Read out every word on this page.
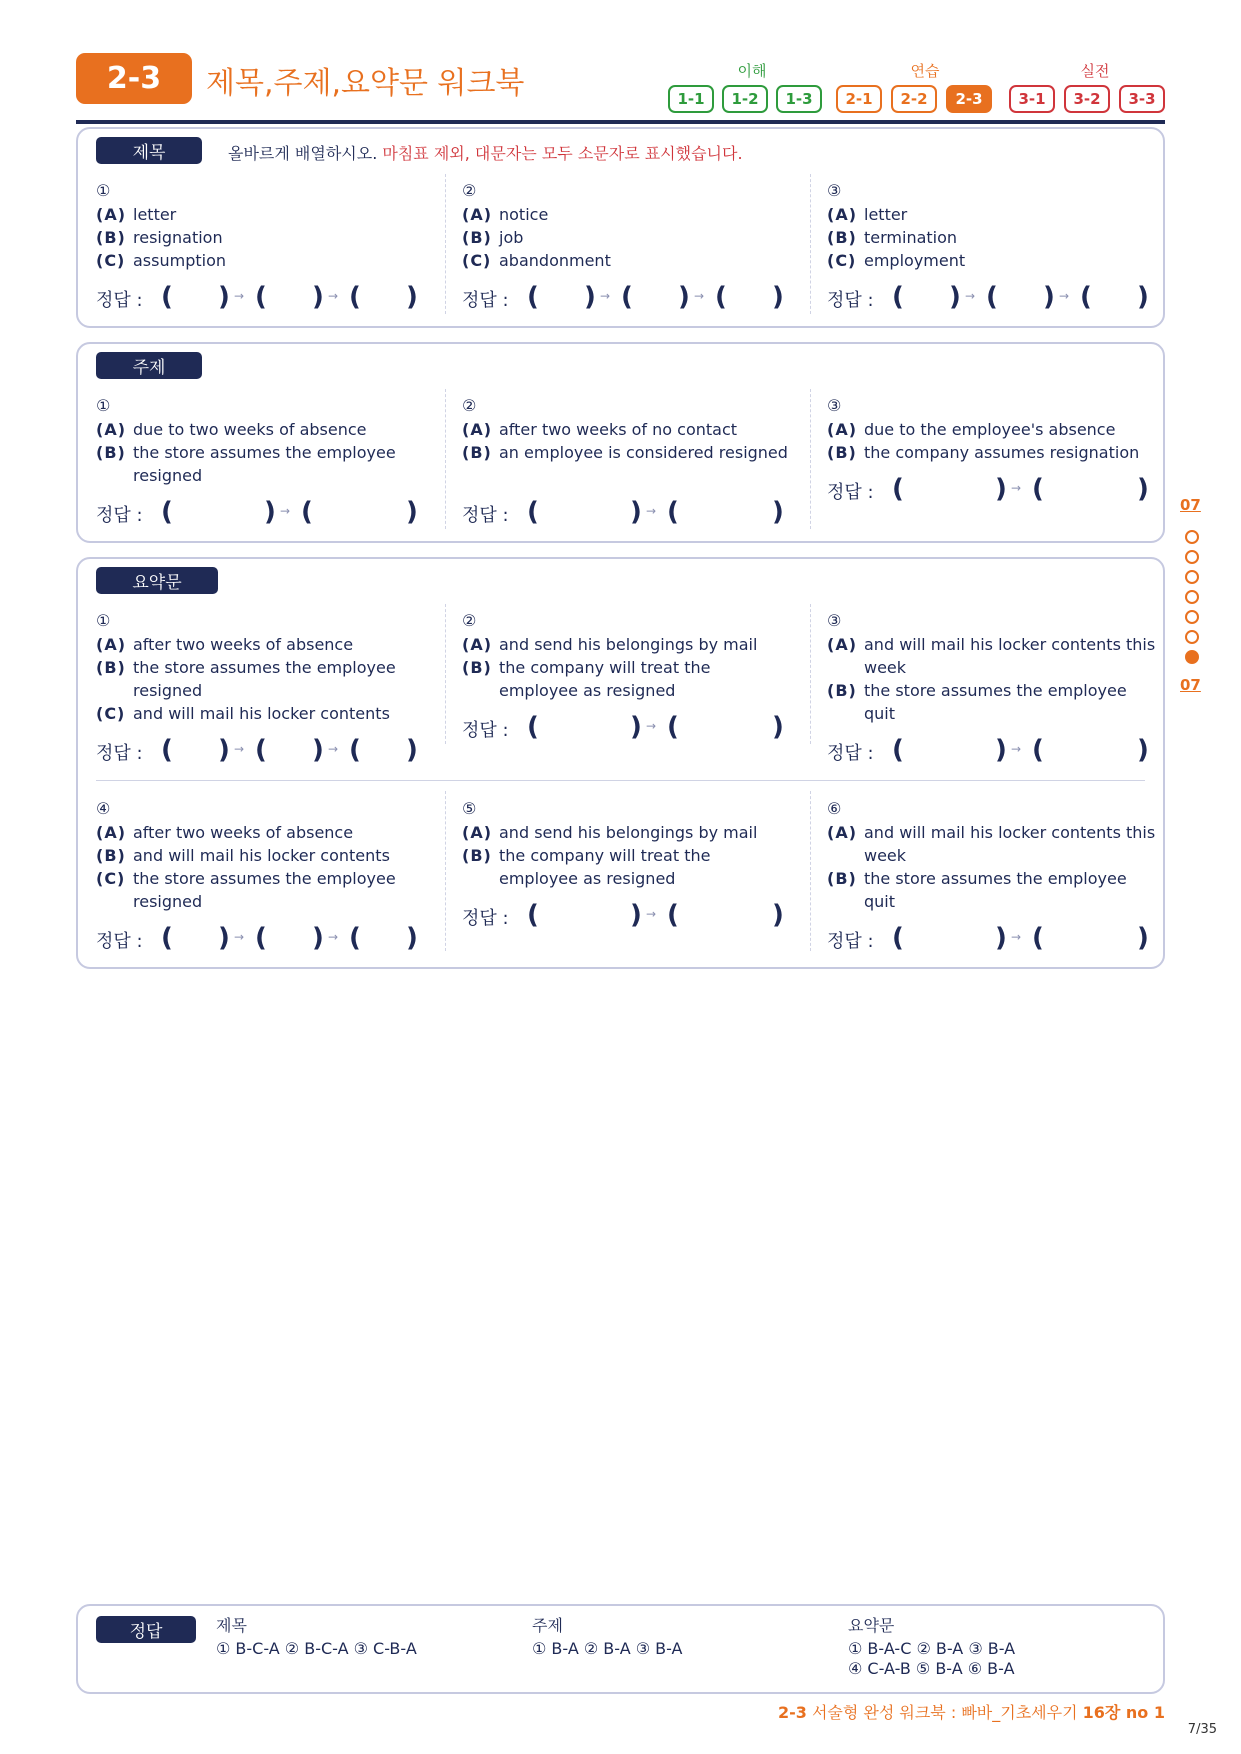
2-3	제목,주제,요약문 워크북	이해	연습	실전
1-1	1-2	1-3	2-1	2-2	2-3	3-1	3-2	3-3
제목	올바르게 배열하시오. 마침표 제외, 대문자는 모두 소문자로 표시했습니다.
①
(A) letter
(B) resignation
(C) assumption
정답 : ( ) → ( ) → ( )
②
(A) notice
(B) job
(C) abandonment
정답 : ( ) → ( ) → ( )
③
(A) letter
(B) termination
(C) employment
정답 : ( ) → ( ) → ( )
주제
①
(A) due to two weeks of absence
(B) the store assumes the employee resigned
정답 : (	) → (	)
②
(A) after two weeks of no contact
(B) an employee is considered resigned
정답 : (	) → (	)
③
(A) due to the employee's absence
(B) the company assumes resignation
정답 : (	) → (	)
요약문
①
(A) after two weeks of absence
(B) the store assumes the employee resigned
(C) and will mail his locker contents
정답 : ( ) → ( ) → ( )
②
(A) and send his belongings by mail
(B) the company will treat the employee as resigned
정답 : (	) → (	)
③
(A) and will mail his locker contents this week
(B) the store assumes the employee quit
정답 : (	) → (	)
④
(A) after two weeks of absence
(B) and will mail his locker contents
(C) the store assumes the employee resigned
정답 : ( ) → ( ) → ( )
⑤
(A) and send his belongings by mail
(B) the company will treat the employee as resigned
정답 : (	) → (	)
⑥
(A) and will mail his locker contents this week
(B) the store assumes the employee quit
정답 : (	) → (	)
07
07
정답	제목
① B-C-A ② B-C-A ③ C-B-A
주제
① B-A ② B-A ③ B-A
요약문
① B-A-C ② B-A ③ B-A
④ C-A-B ⑤ B-A ⑥ B-A
2-3 서술형 완성 워크북 : 빠바_기초세우기 16장 no 1
7/35
